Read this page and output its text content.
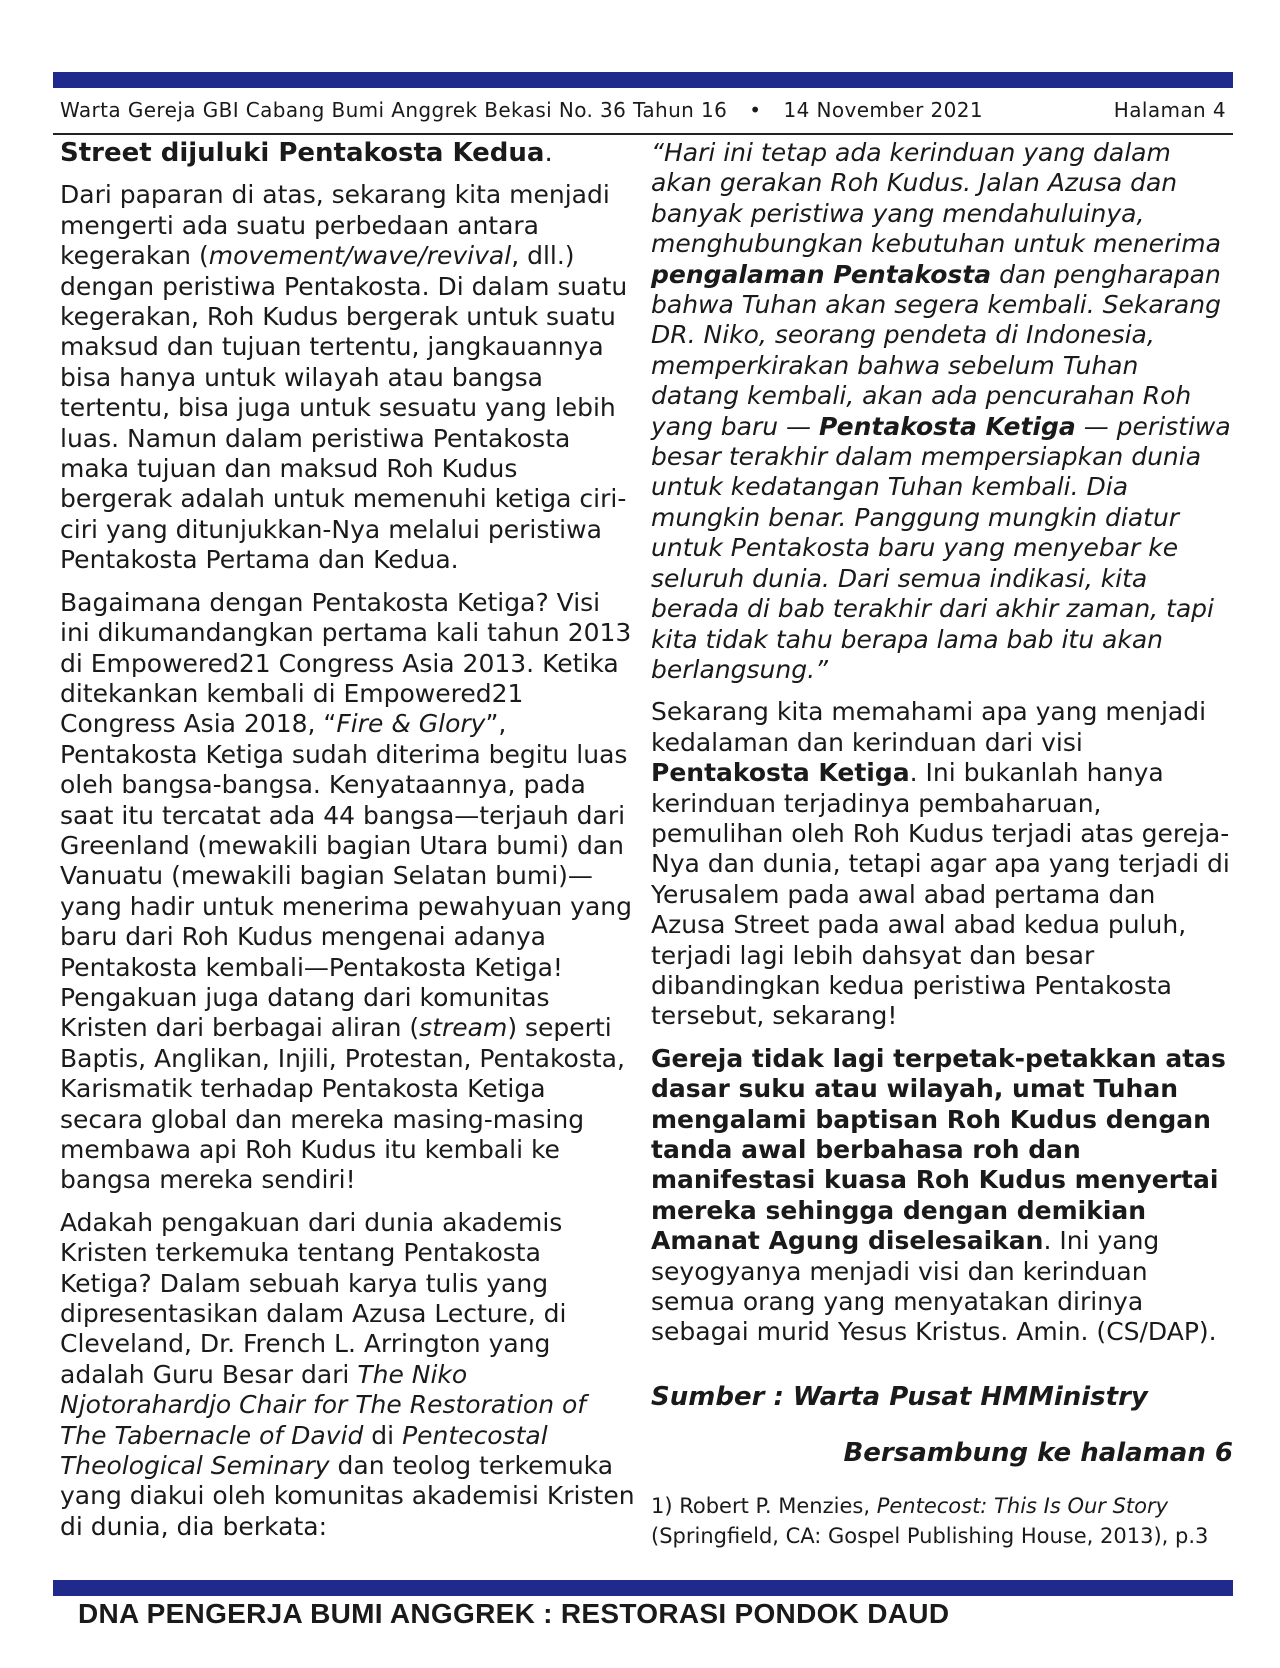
Warta Gereja GBI Cabang Bumi Anggrek Bekasi No. 36 Tahun 16 • 14 November 2021	Halaman 4

Street dijuluki Pentakosta Kedua.

Dari paparan di atas, sekarang kita menjadi mengerti ada suatu perbedaan antara kegerakan (movement/wave/revival, dll.) dengan peristiwa Pentakosta. Di dalam suatu kegerakan, Roh Kudus bergerak untuk suatu maksud dan tujuan tertentu, jangkauannya bisa hanya untuk wilayah atau bangsa tertentu, bisa juga untuk sesuatu yang lebih luas. Namun dalam peristiwa Pentakosta maka tujuan dan maksud Roh Kudus bergerak adalah untuk memenuhi ketiga ciri-ciri yang ditunjukkan-Nya melalui peristiwa Pentakosta Pertama dan Kedua.

Bagaimana dengan Pentakosta Ketiga? Visi ini dikumandangkan pertama kali tahun 2013 di Empowered21 Congress Asia 2013. Ketika ditekankan kembali di Empowered21 Congress Asia 2018, “Fire & Glory”, Pentakosta Ketiga sudah diterima begitu luas oleh bangsa-bangsa. Kenyataannya, pada saat itu tercatat ada 44 bangsa—terjauh dari Greenland (mewakili bagian Utara bumi) dan Vanuatu (mewakili bagian Selatan bumi)— yang hadir untuk menerima pewahyuan yang baru dari Roh Kudus mengenai adanya Pentakosta kembali—Pentakosta Ketiga! Pengakuan juga datang dari komunitas Kristen dari berbagai aliran (stream) seperti Baptis, Anglikan, Injili, Protestan, Pentakosta, Karismatik terhadap Pentakosta Ketiga secara global dan mereka masing-masing membawa api Roh Kudus itu kembali ke bangsa mereka sendiri!

Adakah pengakuan dari dunia akademis Kristen terkemuka tentang Pentakosta Ketiga? Dalam sebuah karya tulis yang dipresentasikan dalam Azusa Lecture, di Cleveland, Dr. French L. Arrington yang adalah Guru Besar dari The Niko Njotorahardjo Chair for The Restoration of The Tabernacle of David di Pentecostal Theological Seminary dan teolog terkemuka yang diakui oleh komunitas akademisi Kristen di dunia, dia berkata:

“Hari ini tetap ada kerinduan yang dalam akan gerakan Roh Kudus. Jalan Azusa dan banyak peristiwa yang mendahuluinya, menghubungkan kebutuhan untuk menerima pengalaman Pentakosta dan pengharapan bahwa Tuhan akan segera kembali. Sekarang DR. Niko, seorang pendeta di Indonesia, memperkirakan bahwa sebelum Tuhan datang kembali, akan ada pencurahan Roh yang baru — Pentakosta Ketiga — peristiwa besar terakhir dalam mempersiapkan dunia untuk kedatangan Tuhan kembali. Dia mungkin benar. Panggung mungkin diatur untuk Pentakosta baru yang menyebar ke seluruh dunia. Dari semua indikasi, kita berada di bab terakhir dari akhir zaman, tapi kita tidak tahu berapa lama bab itu akan berlangsung.”

Sekarang kita memahami apa yang menjadi kedalaman dan kerinduan dari visi Pentakosta Ketiga. Ini bukanlah hanya kerinduan terjadinya pembaharuan, pemulihan oleh Roh Kudus terjadi atas gereja-Nya dan dunia, tetapi agar apa yang terjadi di Yerusalem pada awal abad pertama dan Azusa Street pada awal abad kedua puluh, terjadi lagi lebih dahsyat dan besar dibandingkan kedua peristiwa Pentakosta tersebut, sekarang!

Gereja tidak lagi terpetak-petakkan atas dasar suku atau wilayah, umat Tuhan mengalami baptisan Roh Kudus dengan tanda awal berbahasa roh dan manifestasi kuasa Roh Kudus menyertai mereka sehingga dengan demikian Amanat Agung diselesaikan. Ini yang seyogyanya menjadi visi dan kerinduan semua orang yang menyatakan dirinya sebagai murid Yesus Kristus. Amin. (CS/DAP).

Sumber : Warta Pusat HMMinistry

Bersambung ke halaman 6

1) Robert P. Menzies, Pentecost: This Is Our Story (Springfield, CA: Gospel Publishing House, 2013), p.3

DNA PENGERJA BUMI ANGGREK : RESTORASI PONDOK DAUD
